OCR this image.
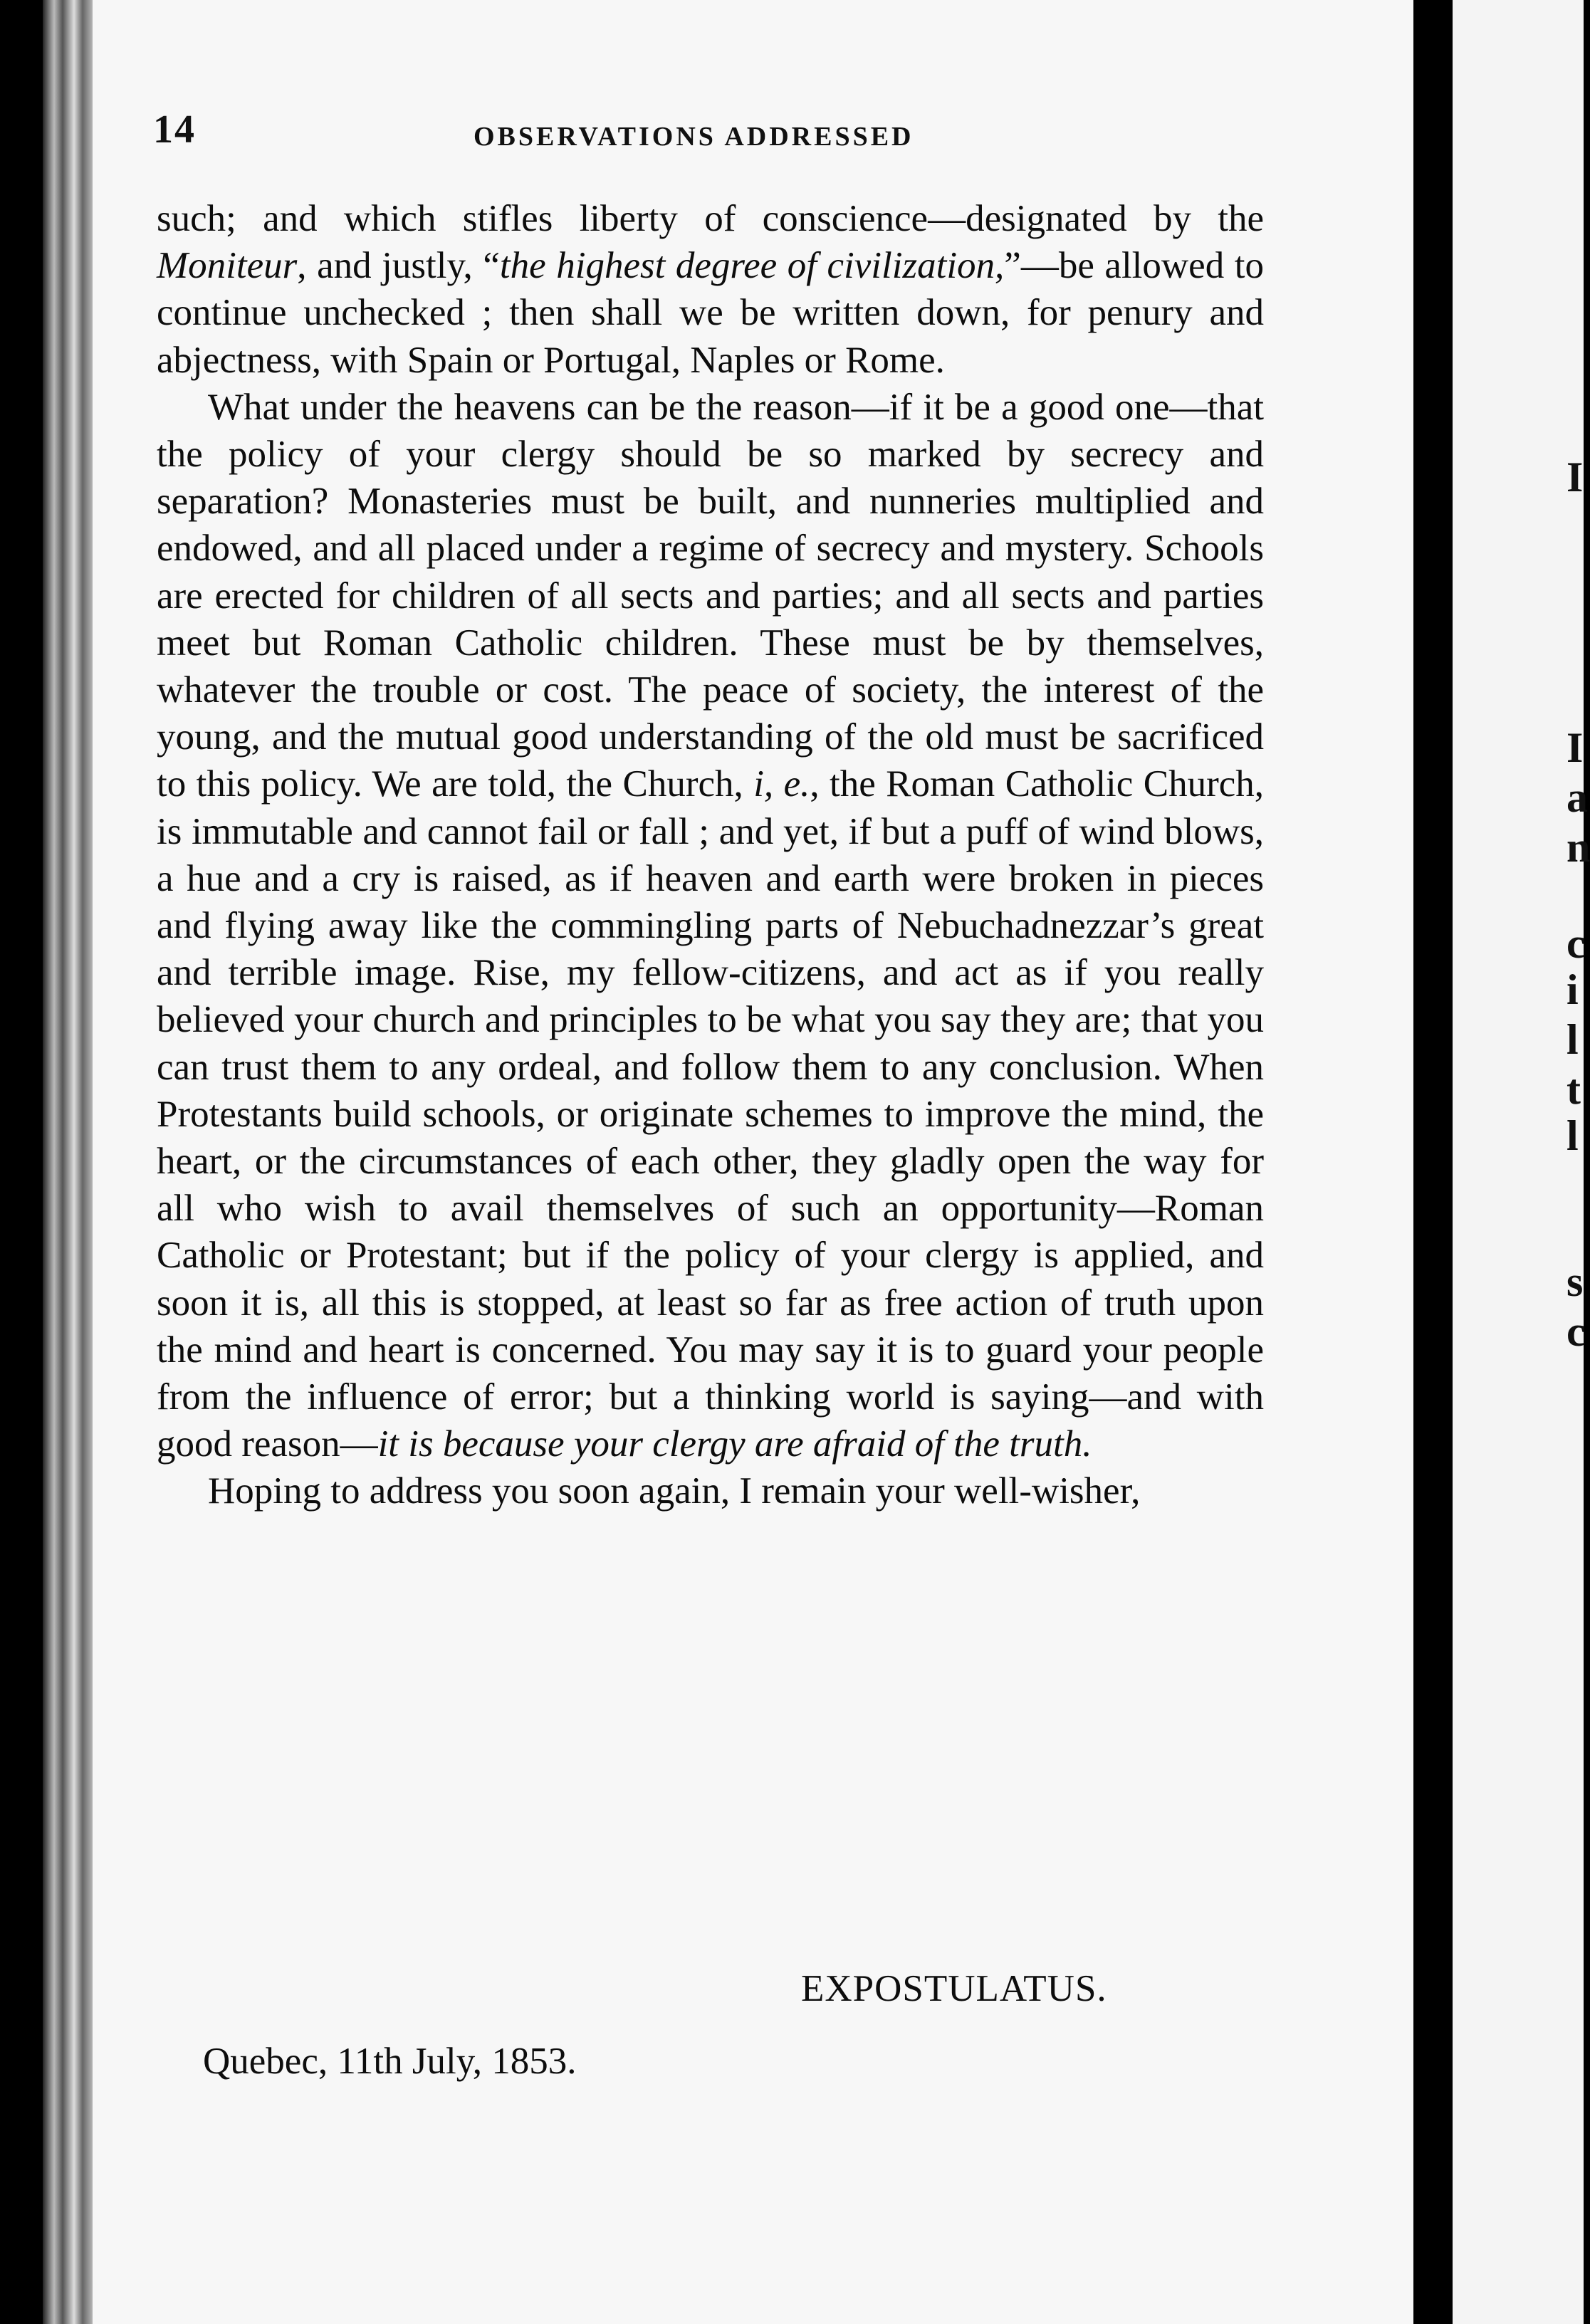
14	OBSERVATIONS ADDRESSED

such; and which stifles liberty of conscience—designated by the Moniteur, and justly, “the highest degree of civilization,”—be allowed to continue unchecked ; then shall we be written down, for penury and abjectness, with Spain or Portugal, Naples or Rome.

What under the heavens can be the reason—if it be a good one—that the policy of your clergy should be so marked by secrecy and separation? Monasteries must be built, and nunneries multiplied and endowed, and all placed under a regime of secrecy and mystery. Schools are erected for children of all sects and parties; and all sects and parties meet but Roman Catholic children. These must be by themselves, whatever the trouble or cost. The peace of society, the interest of the young, and the mutual good understanding of the old must be sacrificed to this policy. We are told, the Church, i, e., the Roman Catholic Church, is immutable and cannot fail or fall ; and yet, if but a puff of wind blows, a hue and a cry is raised, as if heaven and earth were broken in pieces and flying away like the commingling parts of Nebuchadnezzar’s great and terrible image. Rise, my fellow-citizens, and act as if you really believed your church and principles to be what you say they are; that you can trust them to any ordeal, and follow them to any conclusion. When Protestants build schools, or originate schemes to improve the mind, the heart, or the circumstances of each other, they gladly open the way for all who wish to avail themselves of such an opportunity—Roman Catholic or Protestant; but if the policy of your clergy is applied, and soon it is, all this is stopped, at least so far as free action of truth upon the mind and heart is concerned. You may say it is to guard your people from the influence of error; but a thinking world is saying—and with good reason—it is because your clergy are afraid of the truth.

Hoping to address you soon again, I remain your well-wisher,

EXPOSTULATUS.
Quebec, 11th July, 1853.
I
I
a
n
c
i
l
t
l
s
c
